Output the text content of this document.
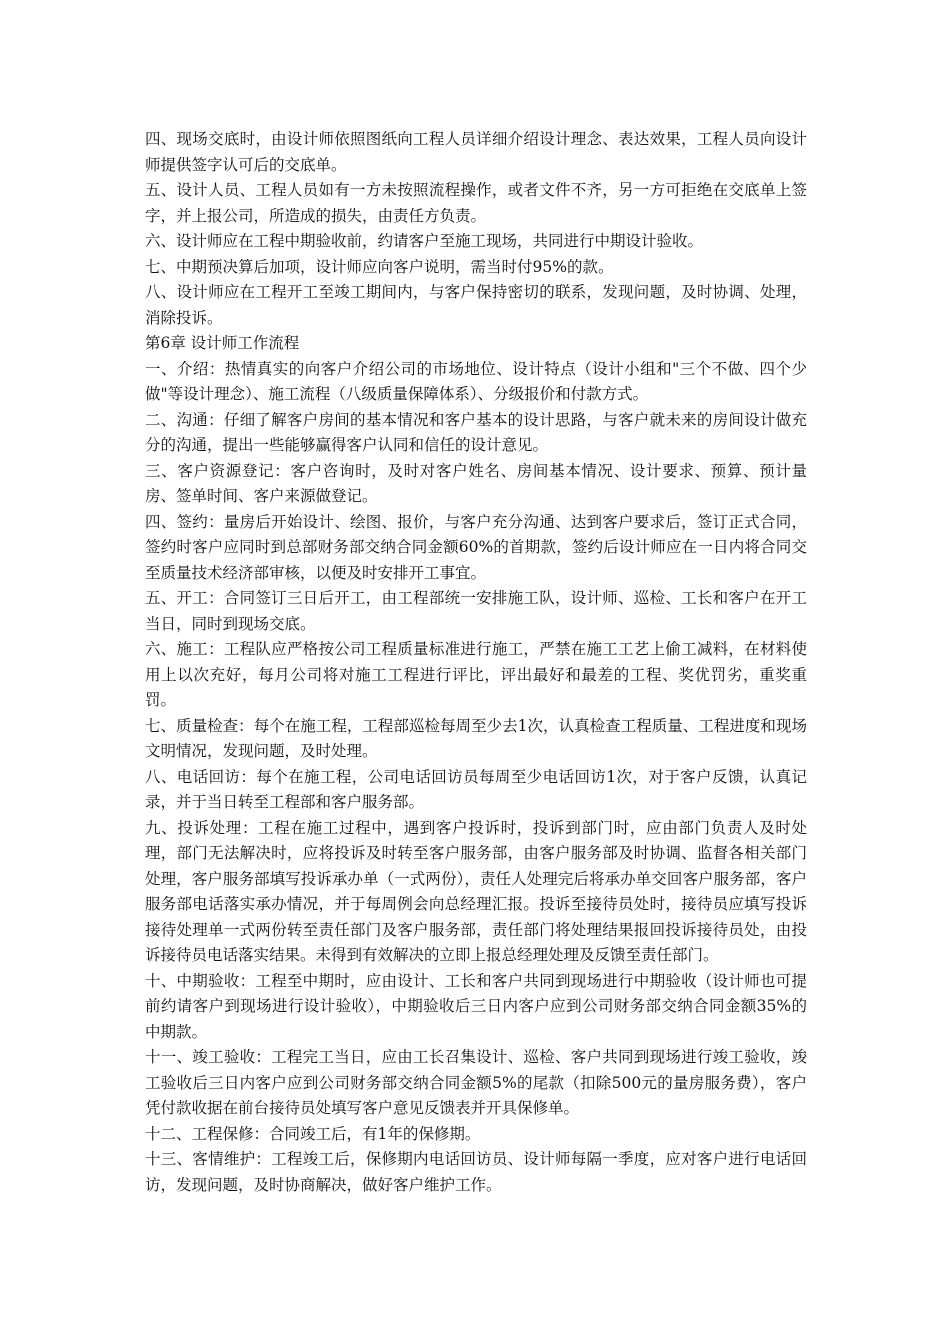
四、现场交底时，由设计师依照图纸向工程人员详细介绍设计理念、表达效果，工程人员向设计师提供签字认可后的交底单。

五、设计人员、工程人员如有一方未按照流程操作，或者文件不齐，另一方可拒绝在交底单上签字，并上报公司，所造成的损失，由责任方负责。

六、设计师应在工程中期验收前，约请客户至施工现场，共同进行中期设计验收。

七、中期预决算后加项，设计师应向客户说明，需当时付95%的款。

八、设计师应在工程开工至竣工期间内，与客户保持密切的联系，发现问题，及时协调、处理，消除投诉。

第6章 设计师工作流程

一、介绍：热情真实的向客户介绍公司的市场地位、设计特点（设计小组和"三个不做、四个少做"等设计理念）、施工流程（八级质量保障体系）、分级报价和付款方式。

二、沟通：仔细了解客户房间的基本情况和客户基本的设计思路，与客户就未来的房间设计做充分的沟通，提出一些能够赢得客户认同和信任的设计意见。

三、客户资源登记：客户咨询时，及时对客户姓名、房间基本情况、设计要求、预算、预计量房、签单时间、客户来源做登记。

四、签约：量房后开始设计、绘图、报价，与客户充分沟通、达到客户要求后，签订正式合同，签约时客户应同时到总部财务部交纳合同金额60%的首期款，签约后设计师应在一日内将合同交至质量技术经济部审核，以便及时安排开工事宜。

五、开工：合同签订三日后开工，由工程部统一安排施工队，设计师、巡检、工长和客户在开工当日，同时到现场交底。

六、施工：工程队应严格按公司工程质量标准进行施工，严禁在施工工艺上偷工减料，在材料使用上以次充好，每月公司将对施工工程进行评比，评出最好和最差的工程、奖优罚劣，重奖重罚。

七、质量检查：每个在施工程，工程部巡检每周至少去1次，认真检查工程质量、工程进度和现场文明情况，发现问题，及时处理。

八、电话回访：每个在施工程，公司电话回访员每周至少电话回访1次，对于客户反馈，认真记录，并于当日转至工程部和客户服务部。

九、投诉处理：工程在施工过程中，遇到客户投诉时，投诉到部门时，应由部门负责人及时处理，部门无法解决时，应将投诉及时转至客户服务部，由客户服务部及时协调、监督各相关部门处理，客户服务部填写投诉承办单（一式两份），责任人处理完后将承办单交回客户服务部，客户服务部电话落实承办情况，并于每周例会向总经理汇报。投诉至接待员处时，接待员应填写投诉接待处理单一式两份转至责任部门及客户服务部，责任部门将处理结果报回投诉接待员处，由投诉接待员电话落实结果。未得到有效解决的立即上报总经理处理及反馈至责任部门。

十、中期验收：工程至中期时，应由设计、工长和客户共同到现场进行中期验收（设计师也可提前约请客户到现场进行设计验收），中期验收后三日内客户应到公司财务部交纳合同金额35%的中期款。

十一、竣工验收：工程完工当日，应由工长召集设计、巡检、客户共同到现场进行竣工验收，竣工验收后三日内客户应到公司财务部交纳合同金额5%的尾款（扣除500元的量房服务费），客户凭付款收据在前台接待员处填写客户意见反馈表并开具保修单。

十二、工程保修：合同竣工后，有1年的保修期。

十三、客情维护：工程竣工后，保修期内电话回访员、设计师每隔一季度，应对客户进行电话回访，发现问题，及时协商解决，做好客户维护工作。
